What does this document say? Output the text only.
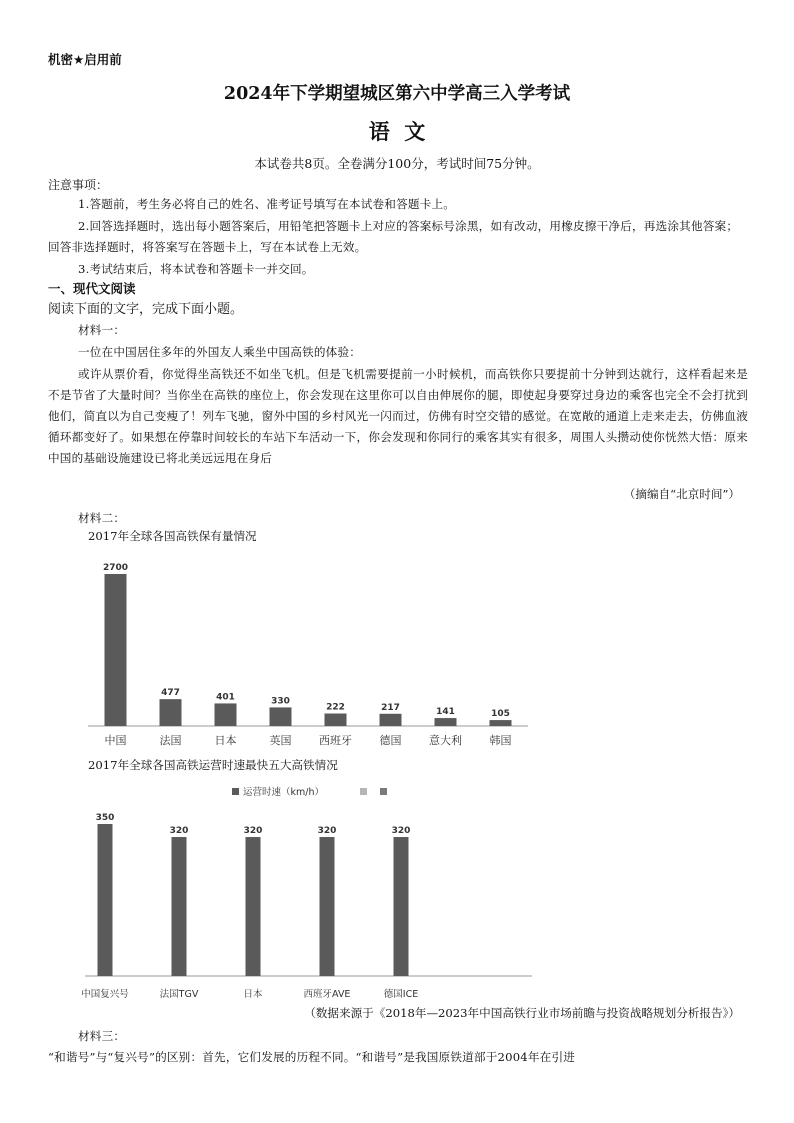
机密★启用前
2024年下学期望城区第六中学高三入学考试
语  文
本试卷共8页。全卷满分100分，考试时间75分钟。
注意事项：
1.答题前，考生务必将自己的姓名、准考证号填写在本试卷和答题卡上。
2.回答选择题时，选出每小题答案后，用铅笔把答题卡上对应的答案标号涂黑，如有改动，用橡皮擦干净后，再选涂其他答案；回答非选择题时，将答案写在答题卡上，写在本试卷上无效。
3.考试结束后，将本试卷和答题卡一并交回。
一、现代文阅读
阅读下面的文字，完成下面小题。
材料一：
一位在中国居住多年的外国友人乘坐中国高铁的体验：
或许从票价看，你觉得坐高铁还不如坐飞机。但是飞机需要提前一小时候机，而高铁你只要提前十分钟到达就行，这样看起来是不是节省了大量时间？当你坐在高铁的座位上，你会发现在这里你可以自由伸展你的腿，即使起身要穿过身边的乘客也完全不会打扰到他们，简直以为自己变瘦了！列车飞驰，窗外中国的乡村风光一闪而过，仿佛有时空交错的感觉。在宽敞的通道上走来走去，仿佛血液循环都变好了。如果想在停靠时间较长的车站下车活动一下，你会发现和你同行的乘客其实有很多，周围人头攒动使你恍然大悟：原来中国的基础设施建设已将北美远远甩在身后
（摘编自“北京时间”）
材料二：
2017年全球各国高铁保有量情况
2700
中国
477
法国
401
日本
330
英国
222
西班牙
217
德国
141
意大利
105
韩国
2017年全球各国高铁运营时速最快五大高铁情况
运营时速（km/h）
350
中国复兴号
320
法国TGV
320
日本
320
西班牙AVE
320
德国ICE
（数据来源于《2018年—2023年中国高铁行业市场前瞻与投资战略规划分析报告》）
材料三：
“和谐号”与“复兴号”的区别：首先，它们发展的历程不同。“和谐号”是我国原铁道部于2004年在引进
